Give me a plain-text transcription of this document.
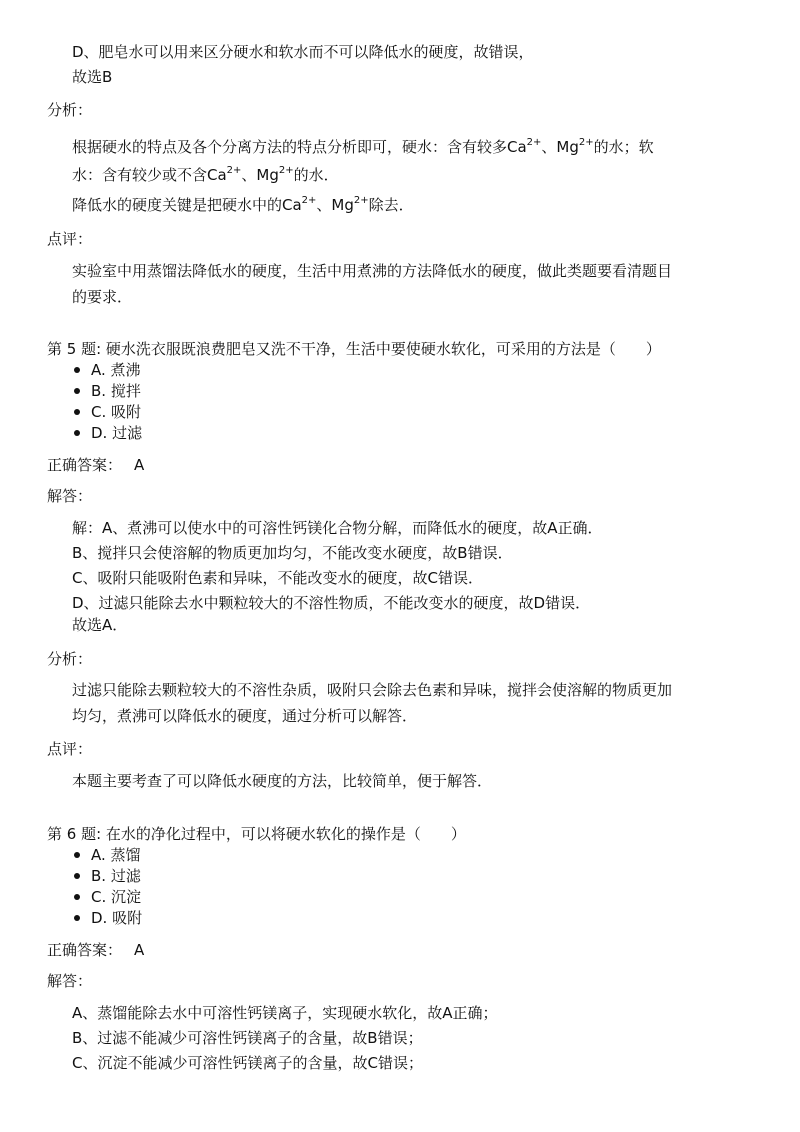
D、肥皂水可以用来区分硬水和软水而不可以降低水的硬度，故错误，
故选B
分析：
根据硬水的特点及各个分离方法的特点分析即可，硬水：含有较多$Ca^{2+}$、$Mg^{2+}$的水；软
水：含有较少或不含$Ca^{2+}$、$Mg^{2+}$的水．
降低水的硬度关键是把硬水中的$Ca^{2+}$、$Mg^{2+}$除去．
点评：
实验室中用蒸馏法降低水的硬度，生活中用煮沸的方法降低水的硬度，做此类题要看清题目
的要求．
第 5 题: 硬水洗衣服既浪费肥皂又洗不干净，生活中要使硬水软化，可采用的方法是（　　）
A. 煮沸
B. 搅拌
C. 吸附
D. 过滤
正确答案： A
解答：
解：A、煮沸可以使水中的可溶性钙镁化合物分解，而降低水的硬度，故A正确．
B、搅拌只会使溶解的物质更加均匀，不能改变水硬度，故B错误．
C、吸附只能吸附色素和异味，不能改变水的硬度，故C错误．
D、过滤只能除去水中颗粒较大的不溶性物质，不能改变水的硬度，故D错误．
故选A．
分析：
过滤只能除去颗粒较大的不溶性杂质，吸附只会除去色素和异味，搅拌会使溶解的物质更加
均匀，煮沸可以降低水的硬度，通过分析可以解答．
点评：
本题主要考查了可以降低水硬度的方法，比较简单，便于解答．
第 6 题: 在水的净化过程中，可以将硬水软化的操作是（　　）
A. 蒸馏
B. 过滤
C. 沉淀
D. 吸附
正确答案： A
解答：
A、蒸馏能除去水中可溶性钙镁离子，实现硬水软化，故A正确；
B、过滤不能减少可溶性钙镁离子的含量，故B错误；
C、沉淀不能减少可溶性钙镁离子的含量，故C错误；
